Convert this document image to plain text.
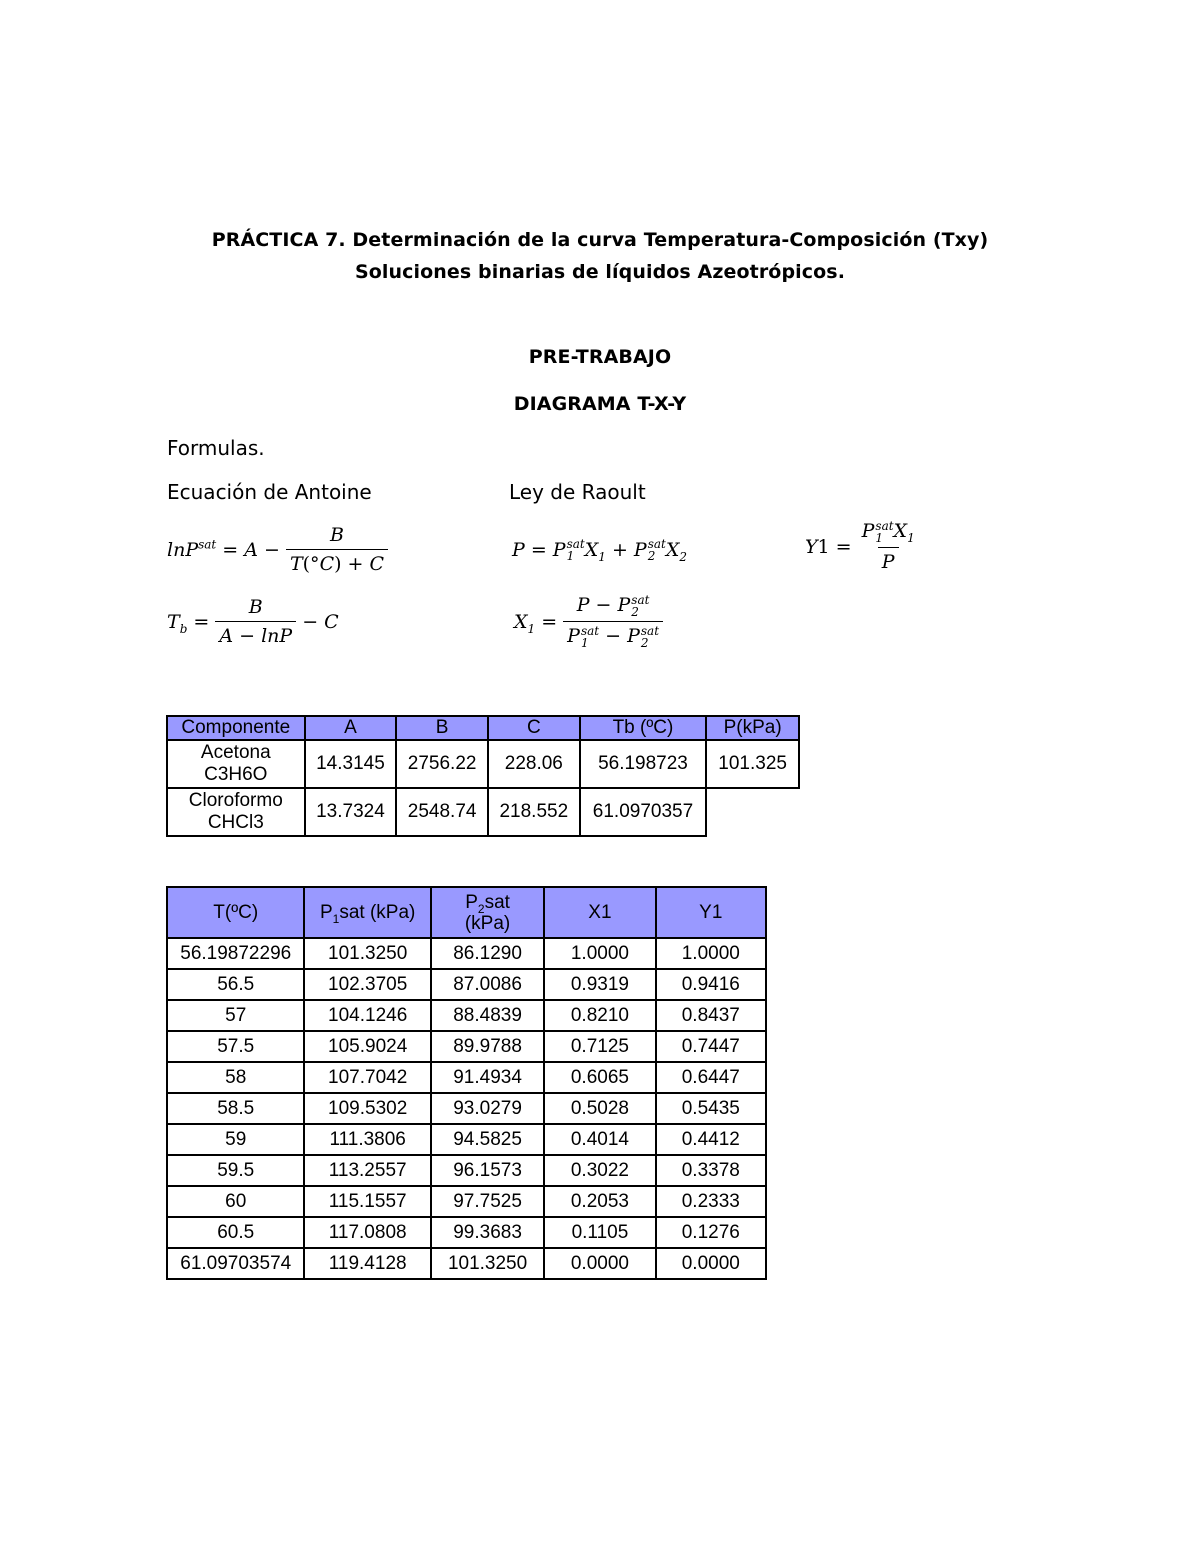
PRÁCTICA 7. Determinación de la curva Temperatura-Composición (Txy)
Soluciones binarias de líquidos Azeotrópicos.
PRE-TRABAJO
DIAGRAMA T-X-Y
Formulas.
Ecuación de Antoine	Ley de Raoult
$\ln P^{sat} = A - \frac{B}{T(^\circ C) + C}$	P = P sat
1 $X_1 + P$ sat
2 $X_2$	Y 1 = P sat
1 $X_1$
P
$T_b = \frac{B}{A - \ln P} - C$	$X_1 = P - P$ sat
2
P sat
1 − P sat
2
Componente	A	B	C	Tb (ºC)	P(kPa)

Acetona
C3H6O	14.3145	2756.22	228.06	56.198723	101.325

Cloroformo
CHCl3	13.7324	2548.74	218.552	61.0970357	
T(ºC)	$P_1sat$ (kPa)	$P_2sat$
(kPa)	X1	Y1
56.19872296	101.3250	86.1290	1.0000	1.0000
56.5	102.3705	87.0086	0.9319	0.9416
57	104.1246	88.4839	0.8210	0.8437
57.5	105.9024	89.9788	0.7125	0.7447
58	107.7042	91.4934	0.6065	0.6447
58.5	109.5302	93.0279	0.5028	0.5435
59	111.3806	94.5825	0.4014	0.4412
59.5	113.2557	96.1573	0.3022	0.3378
60	115.1557	97.7525	0.2053	0.2333
60.5	117.0808	99.3683	0.1105	0.1276
61.09703574	119.4128	101.3250	0.0000	0.0000
